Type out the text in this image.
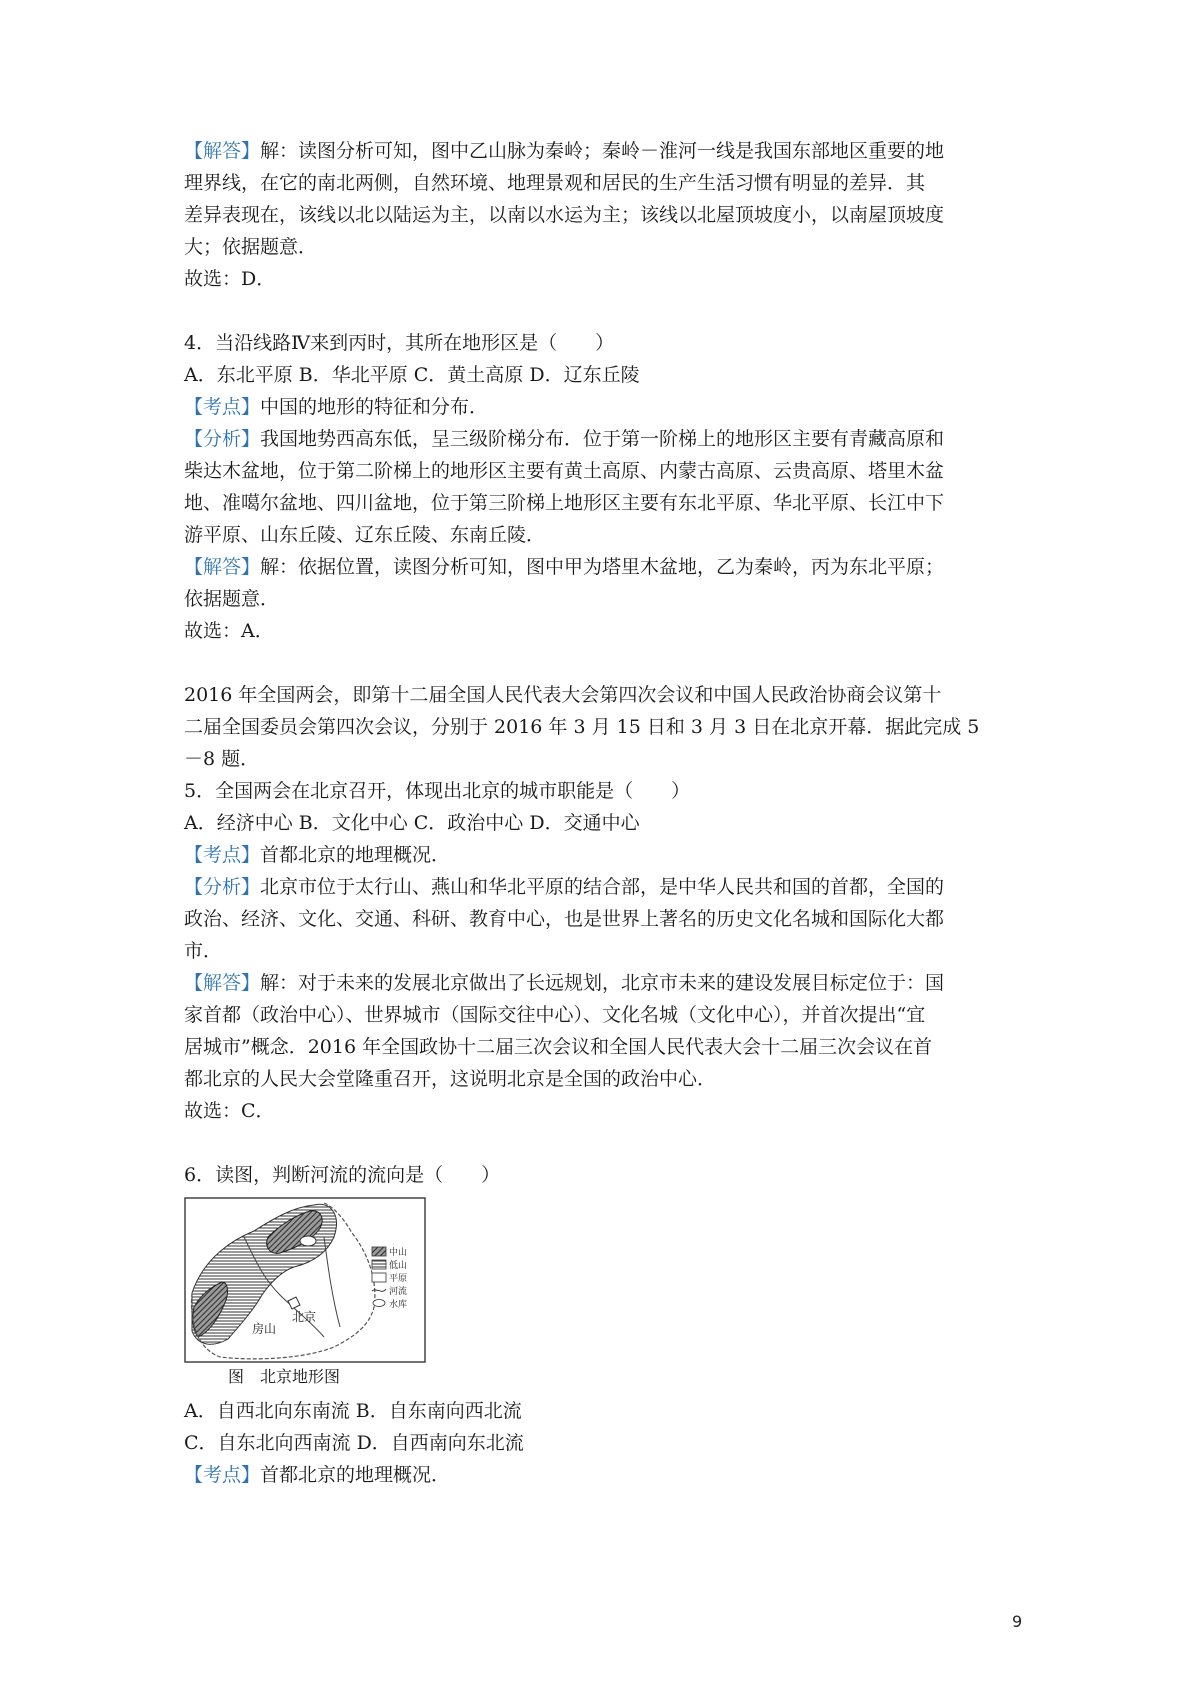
【解答】解：读图分析可知，图中乙山脉为秦岭；秦岭－淮河一线是我国东部地区重要的地
理界线，在它的南北两侧，自然环境、地理景观和居民的生产生活习惯有明显的差异．其
差异表现在，该线以北以陆运为主，以南以水运为主；该线以北屋顶坡度小，以南屋顶坡度
大；依据题意．
故选：D．
4．当沿线路Ⅳ来到丙时，其所在地形区是（　　）
A．东北平原 B．华北平原 C．黄土高原 D．辽东丘陵
【考点】中国的地形的特征和分布．
【分析】我国地势西高东低，呈三级阶梯分布．位于第一阶梯上的地形区主要有青藏高原和
柴达木盆地，位于第二阶梯上的地形区主要有黄土高原、内蒙古高原、云贵高原、塔里木盆
地、准噶尔盆地、四川盆地，位于第三阶梯上地形区主要有东北平原、华北平原、长江中下
游平原、山东丘陵、辽东丘陵、东南丘陵．
【解答】解：依据位置，读图分析可知，图中甲为塔里木盆地，乙为秦岭，丙为东北平原；
依据题意．
故选：A．
2016 年全国两会，即第十二届全国人民代表大会第四次会议和中国人民政治协商会议第十
二届全国委员会第四次会议，分别于 2016 年 3 月 15 日和 3 月 3 日在北京开幕．据此完成 5
－8 题．
5．全国两会在北京召开，体现出北京的城市职能是（　　）
A．经济中心 B．文化中心 C．政治中心 D．交通中心
【考点】首都北京的地理概况．
【分析】北京市位于太行山、燕山和华北平原的结合部，是中华人民共和国的首都，全国的
政治、经济、文化、交通、科研、教育中心，也是世界上著名的历史文化名城和国际化大都
市．
【解答】解：对于未来的发展北京做出了长远规划，北京市未来的建设发展目标定位于：国
家首都（政治中心）、世界城市（国际交往中心）、文化名城（文化中心），并首次提出“宜
居城市”概念．2016 年全国政协十二届三次会议和全国人民代表大会十二届三次会议在首
都北京的人民大会堂隆重召开，这说明北京是全国的政治中心．
故选：C．
6．读图，判断河流的流向是（　　）
北京
房山
中山
低山
平原
河流
水库
图　北京地形图
A．自西北向东南流 B．自东南向西北流
C．自东北向西南流 D．自西南向东北流
【考点】首都北京的地理概况．
9
